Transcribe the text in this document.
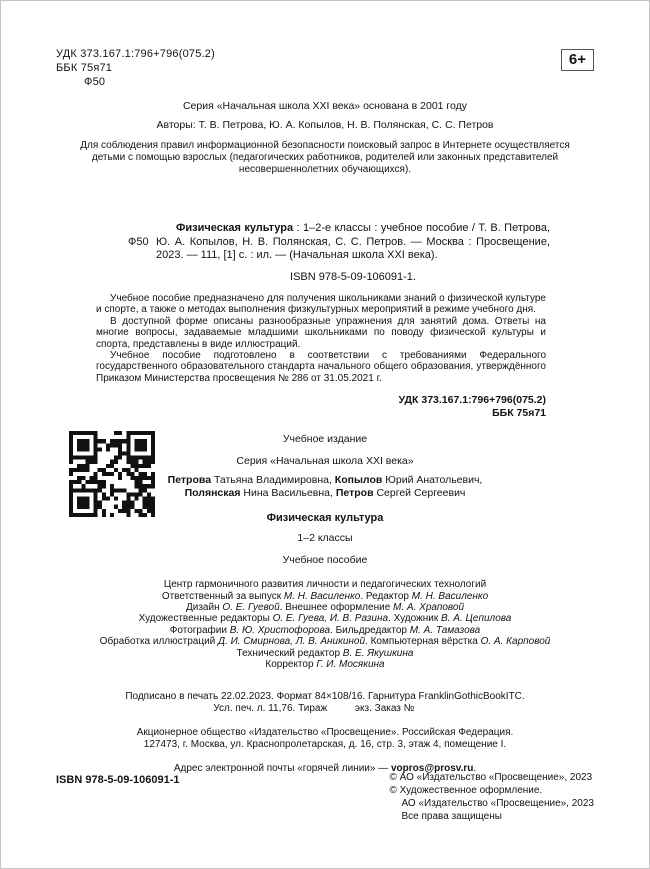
УДК 373.167.1:796+796(075.2)
ББК 75я71
Ф50
6+
Серия «Начальная школа XXI века» основана в 2001 году
Авторы: Т. В. Петрова, Ю. А. Копылов, Н. В. Полянская, С. С. Петров
Для соблюдения правил информационной безопасности поисковый запрос в Интернете осуществляется детьми с помощью взрослых (педагогических работников, родителей или законных представителей несовершеннолетних обучающихся).
Ф50

Физическая культура : 1–2-е классы : учебное пособие / Т. В. Петрова, Ю. А. Копылов, Н. В. Полянская, С. С. Петров. — Москва : Просвещение, 2023. — 111, [1] с. : ил. — (Начальная школа XXI века).

ISBN 978-5-09-106091-1.

Учебное пособие предназначено для получения школьниками знаний о физической культуре и спорте, а также о методах выполнения физкультурных мероприятий в режиме учебного дня.

В доступной форме описаны разнообразные упражнения для занятий дома. Ответы на многие вопросы, задаваемые младшими школьниками по поводу физической культуры и спорта, представлены в виде иллюстраций.

Учебное пособие подготовлено в соответствии с требованиями Федерального государственного образовательного стандарта начального общего образования, утверждённого Приказом Министерства просвещения № 286 от 31.05.2021 г.

УДК 373.167.1:796+796(075.2)
ББК 75я71
Учебное издание
Серия «Начальная школа XXI века»
Петрова Татьяна Владимировна, Копылов Юрий Анатольевич,
Полянская Нина Васильевна, Петров Сергей Сергеевич
Физическая культура
1–2 классы
Учебное пособие
Центр гармоничного развития личности и педагогических технологий
Ответственный за выпуск М. Н. Василенко. Редактор М. Н. Василенко
Дизайн О. Е. Гуевой. Внешнее оформление М. А. Храповой
Художественные редакторы О. Е. Гуева, И. В. Разина. Художник В. А. Цепилова
Фотографии В. Ю. Христофорова. Бильдредактор М. А. Тамазова
Обработка иллюстраций Д. И. Смирнова, Л. В. Аникиной. Компьютерная вёрстка О. А. Карповой
Технический редактор В. Е. Якушкина
Корректор Г. И. Мосякина
Подписано в печать 22.02.2023. Формат 84×108/16. Гарнитура FranklinGothicBookITC.
Усл. печ. л. 11,76. Тираж          экз. Заказ №
Акционерное общество «Издательство «Просвещение». Российская Федерация.
127473, г. Москва, ул. Краснопролетарская, д. 16, стр. 3, этаж 4, помещение I.
Адрес электронной почты «горячей линии» — vopros@prosv.ru.
ISBN 978-5-09-106091-1	© АО «Издательство «Просвещение», 2023
© Художественное оформление.
АО «Издательство «Просвещение», 2023
Все права защищены
